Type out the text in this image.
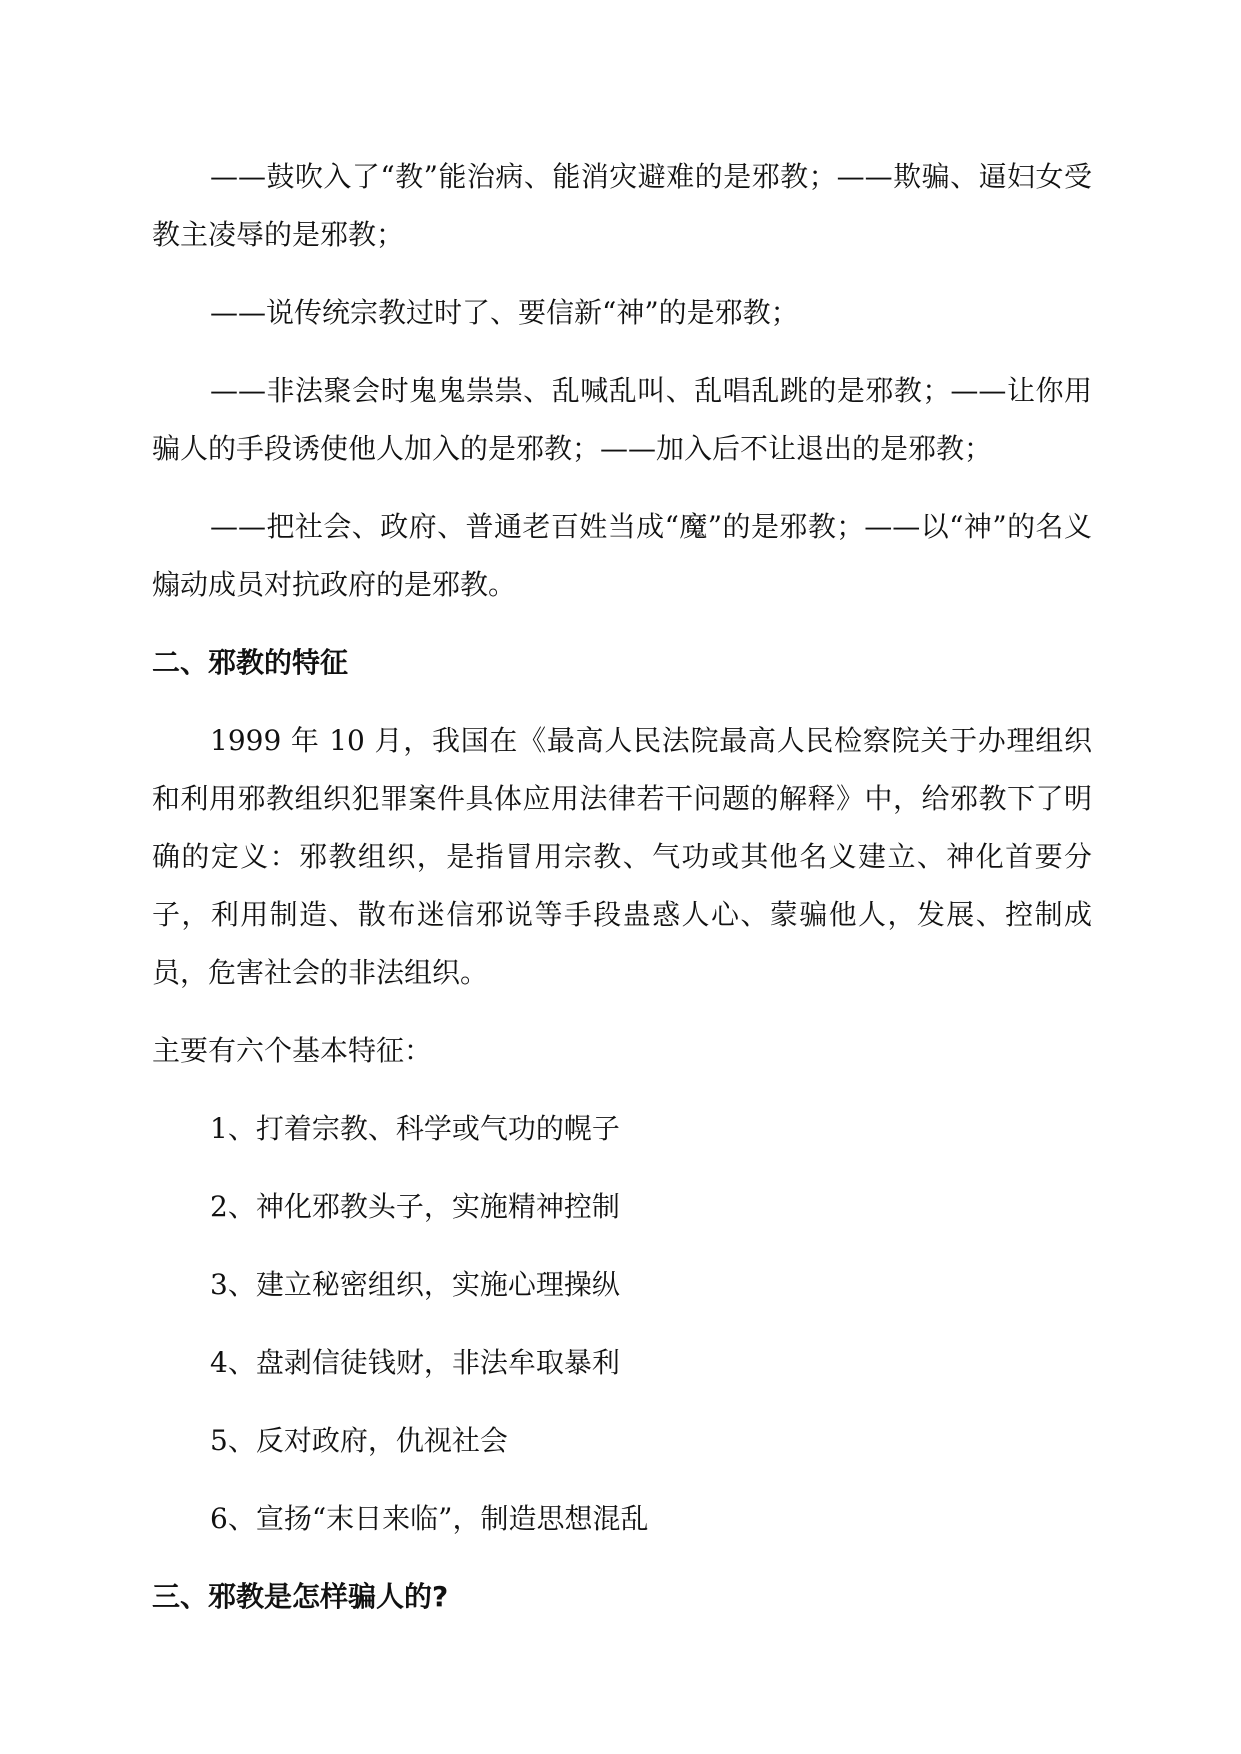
——鼓吹入了“教”能治病、能消灾避难的是邪教；——欺骗、逼妇女受教主凌辱的是邪教；

——说传统宗教过时了、要信新“神”的是邪教；

——非法聚会时鬼鬼祟祟、乱喊乱叫、乱唱乱跳的是邪教；——让你用骗人的手段诱使他人加入的是邪教；——加入后不让退出的是邪教；

——把社会、政府、普通老百姓当成“魔”的是邪教；——以“神”的名义煽动成员对抗政府的是邪教。

二、邪教的特征

1999 年 10 月，我国在《最高人民法院最高人民检察院关于办理组织和利用邪教组织犯罪案件具体应用法律若干问题的解释》中，给邪教下了明确的定义：邪教组织，是指冒用宗教、气功或其他名义建立、神化首要分子，利用制造、散布迷信邪说等手段蛊惑人心、蒙骗他人，发展、控制成员，危害社会的非法组织。

主要有六个基本特征：

1、打着宗教、科学或气功的幌子
2、神化邪教头子，实施精神控制
3、建立秘密组织，实施心理操纵
4、盘剥信徒钱财，非法牟取暴利
5、反对政府，仇视社会
6、宣扬“末日来临”，制造思想混乱
三、邪教是怎样骗人的?
